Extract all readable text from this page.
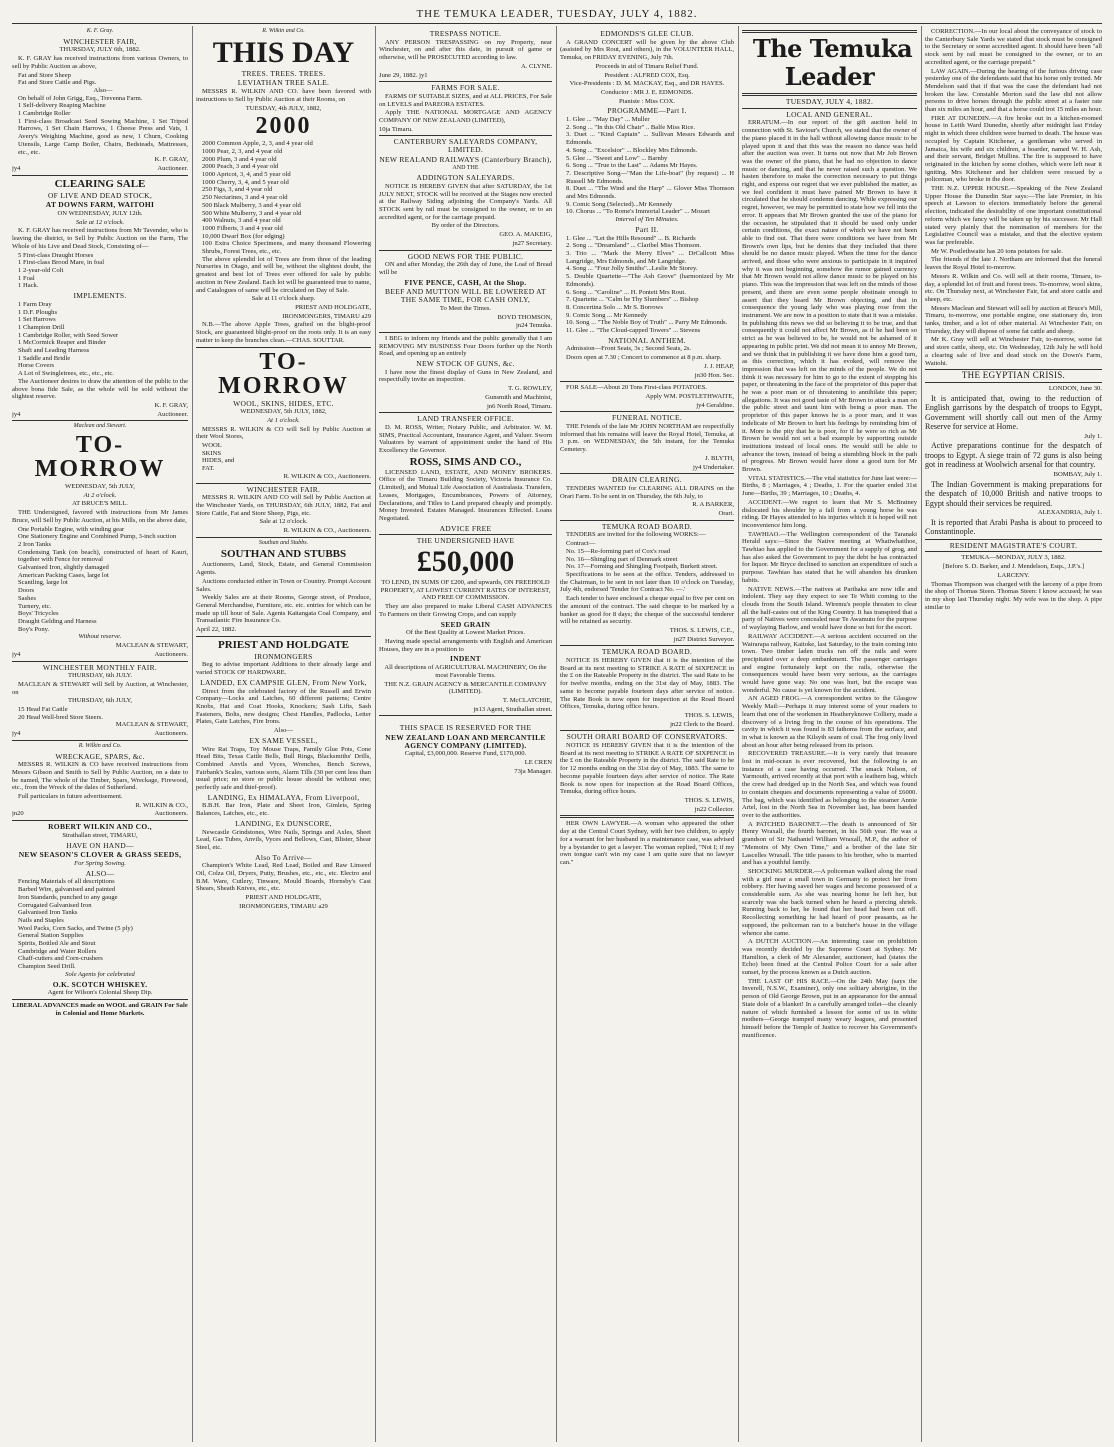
THE TEMUKA LEADER, TUESDAY, JULY 4, 1882.

K. F. Gray.

WINCHESTER FAIR,

THURSDAY, JULY 6th, 1882.

K. F. GRAY has received instructions from various Owners, to sell by Public Auction as above,

Fat and Store Sheep
Fat and Store Cattle and Pigs.
Also—
On behalf of John Grigg, Esq., Trevenna Farm.
1 Self-delivery Reaping Machine
1 Cambridge Roller
1 First-class Broadcast Seed Sowing Machine, 1 Set Tripod Harrows, 1 Set Chain Harrows, 1 Cheese Press and Vats, 1 Avery's Weighing Machine, good as new, 1 Churn, Cooking Utensils, Large Camp Boiler, Chairs, Bedsteads, Mattresses, etc., etc.

K. F. GRAY,

jy4	Auctioneer.

CLEARING SALE

OF LIVE AND DEAD STOCK,

AT DOWNS FARM, WAITOHI

ON WEDNESDAY, JULY 12th.

Sale at 12 o'clock.

K. F. GRAY has received instructions from Mr Tavender, who is leaving the district, to Sell by Public Auction on the Farm, The Whole of his Live and Dead Stock, Consisting of—

5 First-class Draught Horses
1 First-class Brood Mare, in foal
1 2-year-old Colt
1 Foal
1 Hack.

IMPLEMENTS.

1 Farm Dray
1 D.F. Ploughs
1 Set Harrows
1 Champion Drill
1 Cambridge Roller, with Seed Sower
1 McCormick Reaper and Binder
Shaft and Leading Harness
1 Saddle and Bridle
Horse Covers
A Lot of Swingletrees, etc., etc., etc.

The Auctioneer desires to draw the attention of the public to the above bona fide Sale, as the whole will be sold without the slightest reserve.

K. F. GRAY,

jy4	Auctioneer.

Maclean and Stewart.

TO-MORROW

WEDNESDAY, 5th JULY,

At 2 o'clock.

AT BRUCE'S MILL.

THE Undersigned, favored with instructions from Mr James Bruce, will Sell by Public Auction, at his Mills, on the above date,

One Portable Engine, with winding gear
One Stationery Engine and Combined Pump, 3-inch suction
2 Iron Tanks
Condensing Tank (on beach), constructed of heart of Kauri, together with Fence for removal
Galvanised Iron, slightly damaged
American Packing Cases, large lot
Scantling, large lot
Doors
Sashes
Turnery, etc.
Boys' Tricycles
Draught Gelding and Harness
Boy's Pony.

Without reserve.

MACLEAN & STEWART,

jy4	Auctioneers.

WINCHESTER MONTHLY FAIR.

THURSDAY, 6th JULY.

MACLEAN & STEWART will Sell by Auction, at Winchester, on

THURSDAY, 6th JULY,

15 Head Fat Cattle
20 Head Well-bred Store Steers.

MACLEAN & STEWART,

jy4	Auctioneers.

R. Wilkin and Co.

WRECKAGE, SPARS, &c.

MESSRS R. WILKIN & CO have received instructions from Messrs Gibson and Smith to Sell by Public Auction, on a date to be named, The whole of the Timber, Spars, Wreckage, Firewood, etc., from the Wreck of the dales of Sutherland.

Full particulars in future advertisement.

R. WILKIN & CO.,

jn20	Auctioneers.

ROBERT WILKIN AND CO.,

Strathallan street, TIMARU,

HAVE ON HAND—

NEW SEASON'S CLOVER & GRASS SEEDS,

For Spring Sowing.

ALSO—

Fencing Materials of all descriptions
Barbed Wire, galvanised and painted
Iron Standards, punched to any gauge
Corrugated Galvanised Iron
Galvanised Iron Tanks
Nails and Staples
Wool Packs, Corn Sacks, and Twine (5 ply)
General Station Supplies
Spirits, Bottled Ale and Stout
Cambridge and Water Rollers
Chaff-cutters and Corn-crushers
Champion Seed Drill.

Sole Agents for celebrated

O.K. SCOTCH WHISKEY.

Agent for Wilson's Colonial Sheep Dip.

LIBERAL ADVANCES made on WOOL and GRAIN For Sale in Colonial and Home Markets.

R. Wilkin and Co.

THIS DAY

TREES. TREES. TREES.

LEVIATHAN TREE SALE.

MESSRS R. WILKIN AND CO. have been favored with instructions to Sell by Public Auction at their Rooms, on

TUESDAY, 4th JULY, 1882,

2000

2000 Common Apple, 2, 3, and 4 year old
1000 Pear, 2, 3, and 4 year old
2000 Plum, 3 and 4 year old
2000 Peach, 3 and 4 year old
1000 Apricot, 3, 4, and 5 year old
1000 Cherry, 3, 4, and 5 year old
250 Figs, 3, and 4 year old
250 Nectarines, 3 and 4 year old
500 Black Mulberry, 3 and 4 year old
500 White Mulberry, 3 and 4 year old
400 Walnuts, 3 and 4 year old
1000 Filberts, 3 and 4 year old
10,000 Dwarf Box (for edging)
100 Extra Choice Specimens, and many thousand Flowering Shrubs, Forest Trees, etc., etc.

The above splendid lot of Trees are from three of the leading Nurseries in Otago, and will be, without the slightest doubt, the greatest and best lot of Trees ever offered for sale by public auction in New Zealand. Each lot will be guaranteed true to name, and Catalogues of same will be circulated on Day of Sale.

Sale at 11 o'clock sharp.

PRIEST AND HOLDGATE,

IRONMONGERS, TIMARU a29

N.B.—The above Apple Trees, grafted on the blight-proof Stock, are guaranteed blight-proof on the roots only. It is an easy matter to keep the branches clean.—CHAS. SOUTTAR.

TO-MORROW

WOOL, SKINS, HIDES, ETC.

WEDNESDAY, 5th JULY, 1882,

At 1 o'clock.

MESSRS R. WILKIN & CO will Sell by Public Auction at their Wool Stores,

WOOL
SKINS
HIDES, and
FAT.

R. WILKIN & CO., Auctioneers.

WINCHESTER FAIR.

MESSRS R. WILKIN AND CO will Sell by Public Auction at the Winchester Yards, on THURSDAY, 6th JULY, 1882, Fat and Store Cattle, Fat and Store Sheep, Pigs, etc.

Sale at 12 o'clock.

R. WILKIN & CO., Auctioneers.

Southan and Stubbs.

SOUTHAN AND STUBBS

Auctioneers, Land, Stock, Estate, and General Commission Agents.

Auctions conducted either in Town or Country. Prompt Account Sales.

Weekly Sales are at their Rooms, George street, of Produce, General Merchandise, Furniture, etc. etc. entries for which can be made up till hour of Sale. Agents Kaitangata Coal Company, and Transatlantic Fire Insurance Co.

April 22, 1882.

PRIEST AND HOLDGATE

IRONMONGERS

Beg to advise important Additions to their already large and varied STOCK OF HARDWARE.

LANDED, EX CAMPSIE GLEN, From New York,

Direct from the celebrated factory of the Russell and Erwin Company—Locks and Latches, 60 different patterns; Centre Knobs, Hat and Coat Hooks, Knockers; Sash Lifts, Sash Fasteners, Bolts, new designs; Chest Handles, Padlocks, Letter Plates, Gate Latches, Fire Irons.

Also—

EX SAME VESSEL,

Wire Rat Traps, Toy Mouse Traps, Family Glue Pots, Cone Head Bits, Texas Cattle Bells, Bull Rings, Blacksmiths' Drills, Combined Anvils and Vyces, Wrenches, Bench Screws, Fairbank's Scales, various sorts, Alarm Tills (30 per cent less than usual price; no store or public house should be without one; perfectly safe and thief-proof).

LANDING, Ex HIMALAYA, From Liverpool,

B.B.H. Bar Iron, Plate and Sheet Iron, Gimlets, Spring Balances, Latches, etc., etc.

LANDING, Ex DUNSCORE,

Newcastle Grindstones, Wire Nails, Springs and Axles, Sheet Lead, Gas Tubes, Anvils, Vyces and Bellows, Cast, Blister, Shear Steel, etc.

Also To Arrive—

Champion's White Lead, Red Lead, Boiled and Raw Linseed Oil, Colza Oil, Dryers, Putty, Brushes, etc., etc., etc. Electro and B.M. Ware, Cutlery, Tinware, Mould Boards, Hornsby's Cast Shears, Sheath Knives, etc., etc.

PRIEST AND HOLDGATE,

IRONMONGERS, TIMARU a29

TRESPASS NOTICE.

ANY PERSON TRESPASSING on my Property, near Winchester, on and after this date, in pursuit of game or otherwise, will be PROSECUTED according to law.

A. CLYNE.

June 29, 1882. jy1

FARMS FOR SALE.

FARMS OF SUITABLE SIZES, and at ALL PRICES, For Sale on LEVELS and PAREORA ESTATES.

Apply THE NATIONAL MORTGAGE AND AGENCY COMPANY OF NEW ZEALAND (LIMITED),

10ja Timaru.

CANTERBURY SALEYARDS COMPANY, LIMITED.

NEW REALAND RAILWAYS (Canterbury Branch),

AND THE

ADDINGTON SALEYARDS.

NOTICE IS HEREBY GIVEN that after SATURDAY, the 1st JULY NEXT, STOCK will be received at the Stages now erected at the Railway Siding adjoining the Company's Yards. All STOCK sent by rail must be consigned to the owner, or to an accredited agent, or for the carriage prepaid.

By order of the Directors.

GEO. A. MAKEIG,

jn27 Secretary.

GOOD NEWS FOR THE PUBLIC.

ON and after Monday, the 26th day of June, the Loaf of Bread will be

FIVE PENCE, CASH, At the Shop.

BEEF AND MUTTON WILL BE LOWERED AT THE SAME TIME, FOR CASH ONLY,

To Meet the Times.

BOYD THOMSON,

jn24 Temuka.

I BEG to inform my friends and the public generally that I am REMOVING MY BUSINESS Four Doors further up the North Road, and opening up an entirely

NEW STOCK OF GUNS, &c.

I have now the finest display of Guns in New Zealand, and respectfully invite an inspection.

T. G. ROWLEY,

Gunsmith and Machinist,

jn6 North Road, Timaru.

LAND TRANSFER OFFICE.

D. M. ROSS, Writer, Notary Public, and Arbitrator. W. M. SIMS, Practical Accountant, Insurance Agent, and Valuer. Sworn Valuators by warrant of appointment under the hand of His Excellency the Governor.

ROSS, SIMS AND CO.,

LICENSED LAND, ESTATE, AND MONEY BROKERS. Office of the Timaru Building Society, Victoria Insurance Co. (Limited), and Mutual Life Association of Australasia. Transfers, Leases, Mortgages, Encumbrances, Powers of Attorney, Declarations, and Titles to Land prepared cheaply and promptly. Money Invested. Estates Managed. Insurances Effected. Loans Negotiated.

ADVICE FREE

THE UNDERSIGNED HAVE

£50,000

TO LEND, IN SUMS OF £200, and upwards, ON FREEHOLD PROPERTY, AT LOWEST CURRENT RATES OF INTEREST, AND FREE OF COMMISSION.

They are also prepared to make Liberal CASH ADVANCES To Farmers on their Growing Crops, and can supply

SEED GRAIN

Of the Best Quality at Lowest Market Prices.

Having made special arrangements with English and American Houses, they are in a position to

INDENT

All descriptions of AGRICULTURAL MACHINERY, On the most Favorable Terms.

THE N.Z. GRAIN AGENCY & MERCANTILE COMPANY (LIMITED).

T. McCLATCHIE,

jn13 Agent, Strathallan street.

THIS SPACE IS RESERVED FOR THE

NEW ZEALAND LOAN AND MERCANTILE AGENCY COMPANY (LIMITED).

Capital, £3,000,000. Reserve Fund, £170,000.

LE CREN

73ja Manager.

EDMONDS'S GLEE CLUB.

A GRAND CONCERT will be given by the above Club (assisted by Mrs Rout, and others), in the VOLUNTEER HALL, Temuka, on FRIDAY EVENING, July 7th.

Proceeds in aid of Timaru Relief Fund.

President : ALFRED COX, Esq.

Vice-Presidents : D. M. MACKAY, Esq., and DR HAYES.

Conductor : MR J. E. EDMONDS.

Pianiste : Miss COX.

PROGRAMME—Part I.

1. Glee ... "May Day" ... Muller
2. Song ... "In this Old Chair" .. Balfe Miss Rice.
3. Duet ... "Kind Captain" ... Sullivan Messrs Edwards and Edmonds.
4. Song ... "Excelsior" ... Blockley Mrs Edmonds.
5. Glee ... "Sweet and Low" ... Barnby
6. Song ... "True to the Last" ... Adams Mr Hayes.
7. Descriptive Song—"Man the Life-boat" (by request) ... H Russell Mr Edmonds.
8. Duet ... "The Wind and the Harp" ... Glover Miss Thomson and Mrs Edmonds.
9. Comic Song (Selected)...Mr Kennedy
10. Chorus ... "To Rome's Immortal Leader" ... Mozart

Interval of Ten Minutes.

Part II.

1. Glee ... "Let the Hills Resound" ... B. Richards
2. Song ... "Dreamland" ... Claribel Miss Thomson.
3. Trio ... "Mark the Merry Elves" ... DrCallcott Miss Langridge, Mrs Edmonds, and Mr Langridge.
4. Song ... "Four Jolly Smiths"...Leslie Mr Storey.
5. Double Quartette—"The Ash Grove" (harmonized by Mr Edmonds).
6. Song ... "Caroline" ... H. Pontett Mrs Rout.
7. Quartette ... "Calm be Thy Slumbers" ... Bishop
8. Concertina Solo ... Mr S. Borrows
9. Comic Song ... Mr Kennedy
10. Song ... "The Noble Boy of Truth" ... Parry Mr Edmonds.
11. Glee ... "The Cloud-capped Towers" ... Stevens

NATIONAL ANTHEM.

Admission—Front Seats, 3s ; Second Seats, 2s.

Doors open at 7.30 ; Concert to commence at 8 p.m. sharp.

J. J. HEAP,

jn30 Hon. Sec.

FOR SALE—About 20 Tons First-class POTATOES.

Apply WM. POSTLETHWAITE,

jy4 Geraldine.

FUNERAL NOTICE.

THE Friends of the late Mr JOHN NORTHAM are respectfully informed that his remains will leave the Royal Hotel, Temuka, at 3 p.m. on WEDNESDAY, the 5th instant, for the Temuka Cemetery.

J. BLYTH,

jy4 Undertaker.

DRAIN CLEARING.

TENDERS WANTED for CLEARING ALL DRAINS on the Orari Farm. To be sent in on Thursday, the 6th July, to

R. A BARKER,

Orari.

TEMUKA ROAD BOARD.

TENDERS are invited for the following WORKS:—

Contract—
No. 15—Re-forming part of Cox's road
No. 16—Shingling part of Denmark street
No. 17—Forming and Shingling Footpath, Burkett street.

Specifications to be seen at the office. Tenders, addressed to the Chairman, to be sent in not later than 10 o'clock on Tuesday, July 4th, endorsed 'Tender for Contract No. —.'

Each tender to have enclosed a cheque equal to five per cent on the amount of the contract. The said cheque to be marked by a banker as good for 8 days; the cheque of the successful tenderer will be retained as security.

THOS. S. LEWIS, C.E.,

jn27 District Surveyor.

TEMUKA ROAD BOARD.

NOTICE IS HEREBY GIVEN that it is the intention of the Board at its next meeting to STRIKE A RATE of SIXPENCE in the £ on the Rateable Property in the district. The said Rate to be for twelve months, ending on the 31st day of May, 1883. The same to become payable fourteen days after service of notice. The Rate Book is now open for inspection at the Road Board Offices, Temuka, during office hours.

THOS. S. LEWIS,

jn22 Clerk to the Board.

SOUTH ORARI BOARD OF CONSERVATORS.

NOTICE IS HEREBY GIVEN that it is the intention of the Board at its next meeting to STRIKE A RATE OF SIXPENCE in the £ on the Rateable Property in the district. The said Rate to be for 12 months ending on the 31st day of May, 1883. The same to become payable fourteen days after service of notice. The Rate Book is now open for inspection at the Road Board Offices, Temuka, during office hours.

THOS. S. LEWIS,

jn22 Collector.

HER OWN LAWYER.—A woman who appeared the other day at the Central Court Sydney, with her two children, to apply for a warrant for her husband in a maintenance case, was advised by a bystander to get a lawyer. The woman replied, "Not I; if my own tongue can't win my case I am quite sure that no lawyer can."

The Temuka Leader

TUESDAY, JULY 4, 1882.

LOCAL AND GENERAL.

ERRATUM.—In our report of the gift auction held in connection with St. Saviour's Church, we stated that the owner of the piano placed it in the hall without allowing dance music to be played upon it and that this was the reason no dance was held after the auction was over. It turns out now that Mr Job Brown was the owner of the piano, that he had no objection to dance music or dancing, and that he never raised such a question. We hasten therefore to make the correction necessary to put things right, and express our regret that we ever published the matter, as we feel confident it must have pained Mr Brown to have it circulated that he should condemn dancing. While expressing our regret, however, we may be permitted to state how we fell into the error. It appears that Mr Brown granted the use of the piano for the occasion, he stipulated that it should be used only under certain conditions, the exact nature of which we have not been able to find out. That there were conditions we have from Mr Brown's own lips, but he denies that they included that there should be no dance music played. When the time for the dance arrived, and those who were anxious to participate in it inquired why it was not beginning, somehow the rumor gained currency that Mr Brown would not allow dance music to be played on his piano. This was the impression that was left on the minds of those present, and there are even some people obstinate enough to assert that they heard Mr Brown objecting, and that in consequence the young lady who was playing rose from the instrument. We are now in a position to state that it was a mistake. In publishing this news we did so believing it to be true, and that consequently it could not affect Mr Brown, as if he had been so strict as he was believed to be, he would not be ashamed of it appearing in public print. We did not mean it to annoy Mr Brown, and we think that in publishing it we have done him a good turn, as this correction, which it has evoked, will remove the impression that was left on the minds of the people. We do not think it was necessary for him to go to the extent of stopping his paper, or threatening in the face of the proprietor of this paper that he was a poor man or of threatening to annihilate this paper; allegations. It was not good taste of Mr Brown to attack a man on the public street and taunt him with being a poor man. The proprietor of this paper knows he is a poor man, and it was indelicate of Mr Brown to hurt his feelings by reminding him of it. More is the pity that he is poor, for if he were so rich as Mr Brown he would not set a bad example by supporting outside institutions instead of local ones. He would still be able to advance the town, instead of being a stumbling block in the path of progress. Mr Brown would have done a good turn for Mr Brown.

VITAL STATISTICS.—The vital statistics for June last were:—Births, 8 ; Marriages, 4 ; Deaths, 1. For the quarter ended 31st June—Births, 39 ; Marriages, 10 ; Deaths, 4.

ACCIDENT.—We regret to learn that Mr S. McBratney dislocated his shoulder by a fall from a young horse he was riding. Dr Hayes attended to his injuries which it is hoped will not inconvenience him long.

TAWHIAO.—The Wellington correspondent of the Taranaki Herald says:—Since the Native meeting at Whatiwhatihoe, Tawhiao has applied to the Government for a supply of grog, and has also asked the Government to pay the debt he has contracted for liquor. Mr Bryce declined to sanction an expenditure of such a purpose. Tawhiao has stated that he will abandon his drunken habits.

NATIVE NEWS.—The natives at Parihaka are now idle and indolent. They say they expect to see Te Whiti coming to the clouds from the South Island. Wiremu's people threaten to clear all the half-castes out of the King Country. It has transpired that a party of Natives were concealed near Te Awamutu for the purpose of waylaying Barlow, and would have done so but for the escort.

RAILWAY ACCIDENT.—A serious accident occurred on the Wairarapa railway, Kaitoke, last Saturday, to the train coming into town. Two timber laden trucks ran off the rails and were precipitated over a deep embankment. The passenger carriages and engine fortunately kept on the rails, otherwise the consequences would have been very serious, as the carriages would have gone way. No one was hurt, but the escape was wonderful. No cause is yet known for the accident.

AN AGED FROG.—A correspondent writes to the Glasgow Weekly Mail:—Perhaps it may interest some of your readers to learn that one of the workmen in Heatheryknowe Colliery, made a discovery of a living frog in the course of his operations. The cavity in which it was found is 83 fathoms from the surface, and in what is known as the Kilsyth seam of coal. The frog only lived about an hour after being released from its prison.

RECOVERED TREASURE.—It is very rarely that treasure lost in mid-ocean is ever recovered, but the following is an instance of a case having occurred. The smack Nelson, of Yarmouth, arrived recently at that port with a leathern bag, which the crew had dredged up in the North Sea, and which was found to contain cheques and documents representing a value of £6000. The bag, which was identified as belonging to the steamer Annie Artel, lost in the North Sea in November last, has been handed over to the authorities.

A PATCHED BARONET.—The death is announced of Sir Henry Wraxall, the fourth baronet, in his 56th year. He was a grandson of Sir Nathaniel William Wraxall, M.P., the author of "Memoirs of My Own Time," and a brother of the late Sir Lascelles Wraxall. The title passes to his brother, who is married and has a youthful family.

SHOCKING MURDER.—A policeman walked along the road with a girl near a small town in Germany to protect her from robbery. Her having saved her wages and become possessed of a considerable sum. As she was nearing home he left her, but scarcely was she back turned when he heard a piercing shriek. Running back to her, he found that her head had been cut off. Recollecting something he had heard of poor peasants, as he supposed, the policeman ran to a butcher's house in the village whence she came.

A DUTCH AUCTION.—An interesting case on prohibition was recently decided by the Supreme Court at Sydney. Mr Hamilton, a clerk of Mr Alexander, auctioneer, had (states the Echo) been fined at the Central Police Court for a sale after sunset, by the process known as a Dutch auction.

THE LAST OF HIS RACE.—On the 24th May (says the Inverell, N.S.W., Examiner), only one solitary aborigine, in the person of Old George Brown, put in an appearance for the annual State dole of a blanket! In a carefully arranged toilet—the cleanly nature of which furnished a lesson for some of us in white mothers—George tramped many weary leagues, and presented himself before the Temple of Justice to recover his Government's munificence.

CORRECTION.—In our local about the conveyance of stock to the Canterbury Sale Yards we stated that stock must be consigned to the Secretary or some accredited agent. It should have been "all stock sent by rail must be consigned to the owner, or to an accredited agent, or the carriage prepaid."

LAW AGAIN.—During the hearing of the furious driving case yesterday one of the defendants said that his horse only trotted. Mr Mendelson said that if that was the case the defendant had not broken the law. Constable Morton said the law did not allow persons to drive horses through the public street at a faster rate than six miles an hour, and that a horse could trot 15 miles an hour.

FIRE AT DUNEDIN.—A fire broke out in a kitchen-roomed house in Leith Ward Dunedin, shortly after midnight last Friday night in which three children were burned to death. The house was occupied by Captain Kitchener, a gentleman who served in Jamaica, his wife and six children, a boarder, named W. H. Ash, and their servant, Bridget Mullins. The fire is supposed to have originated in the kitchen by some clothes, which were left near it igniting. Mrs Kitchener and her children were rescued by a policeman, who broke in the door.

THE N.Z. UPPER HOUSE.—Speaking of the New Zealand Upper House the Dunedin Star says:—The late Premier, in his speech at Lawson to electors immediately before the general election, indicated the desirability of one important constitutional reform which we fancy will be taken up by his successor. Mr Hall stated very plainly that the nomination of members for the Legislative Council was a mistake, and that the elective system was far preferable.

Mr W. Postlethwaite has 20 tons potatoes for sale.

The friends of the late J. Northam are informed that the funeral leaves the Royal Hotel to-morrow.

Messrs R. Wilkin and Co. will sell at their rooms, Timaru, to-day, a splendid lot of fruit and forest trees. To-morrow, wool skins, etc. On Thursday next, at Winchester Fair, fat and store cattle and sheep, etc.

Messrs Maclean and Stewart will sell by auction at Bruce's Mill, Timaru, to-morrow, one portable engine, one stationary do, iron tanks, timber, and a lot of other material. At Winchester Fair, on Thursday, they will dispose of some fat cattle and sheep.

Mr K. Gray will sell at Winchester Fair, to-morrow, some fat and store cattle, sheep, etc. On Wednesday, 12th July he will hold a clearing sale of live and dead stock on the Down's Farm, Waitohi.

THE EGYPTIAN CRISIS.

LONDON, June 30.

It is anticipated that, owing to the reduction of English garrisons by the despatch of troops to Egypt, Government will shortly call out men of the Army Reserve for service at Home.

July 1.

Active preparations continue for the despatch of troops to Egypt. A siege train of 72 guns is also being got in readiness at Woolwich arsenal for that country.

BOMBAY, July 1.

The Indian Government is making preparations for the despatch of 10,000 British and native troops to Egypt should their services be required.

ALEXANDRIA, July 1.

It is reported that Arabi Pasha is about to proceed to Constantinople.

RESIDENT MAGISTRATE'S COURT.

TEMUKA—MONDAY, JULY 3, 1882.

[Before S. D. Barker, and J. Mendelson, Esqs., J.P.'s.]

LARCENY.

Thomas Thompson was charged with the larceny of a pipe from the shop of Thomas Steen. Thomas Steen: I know accused; he was in my shop last Thursday night. My wife was in the shop. A pipe similar to
